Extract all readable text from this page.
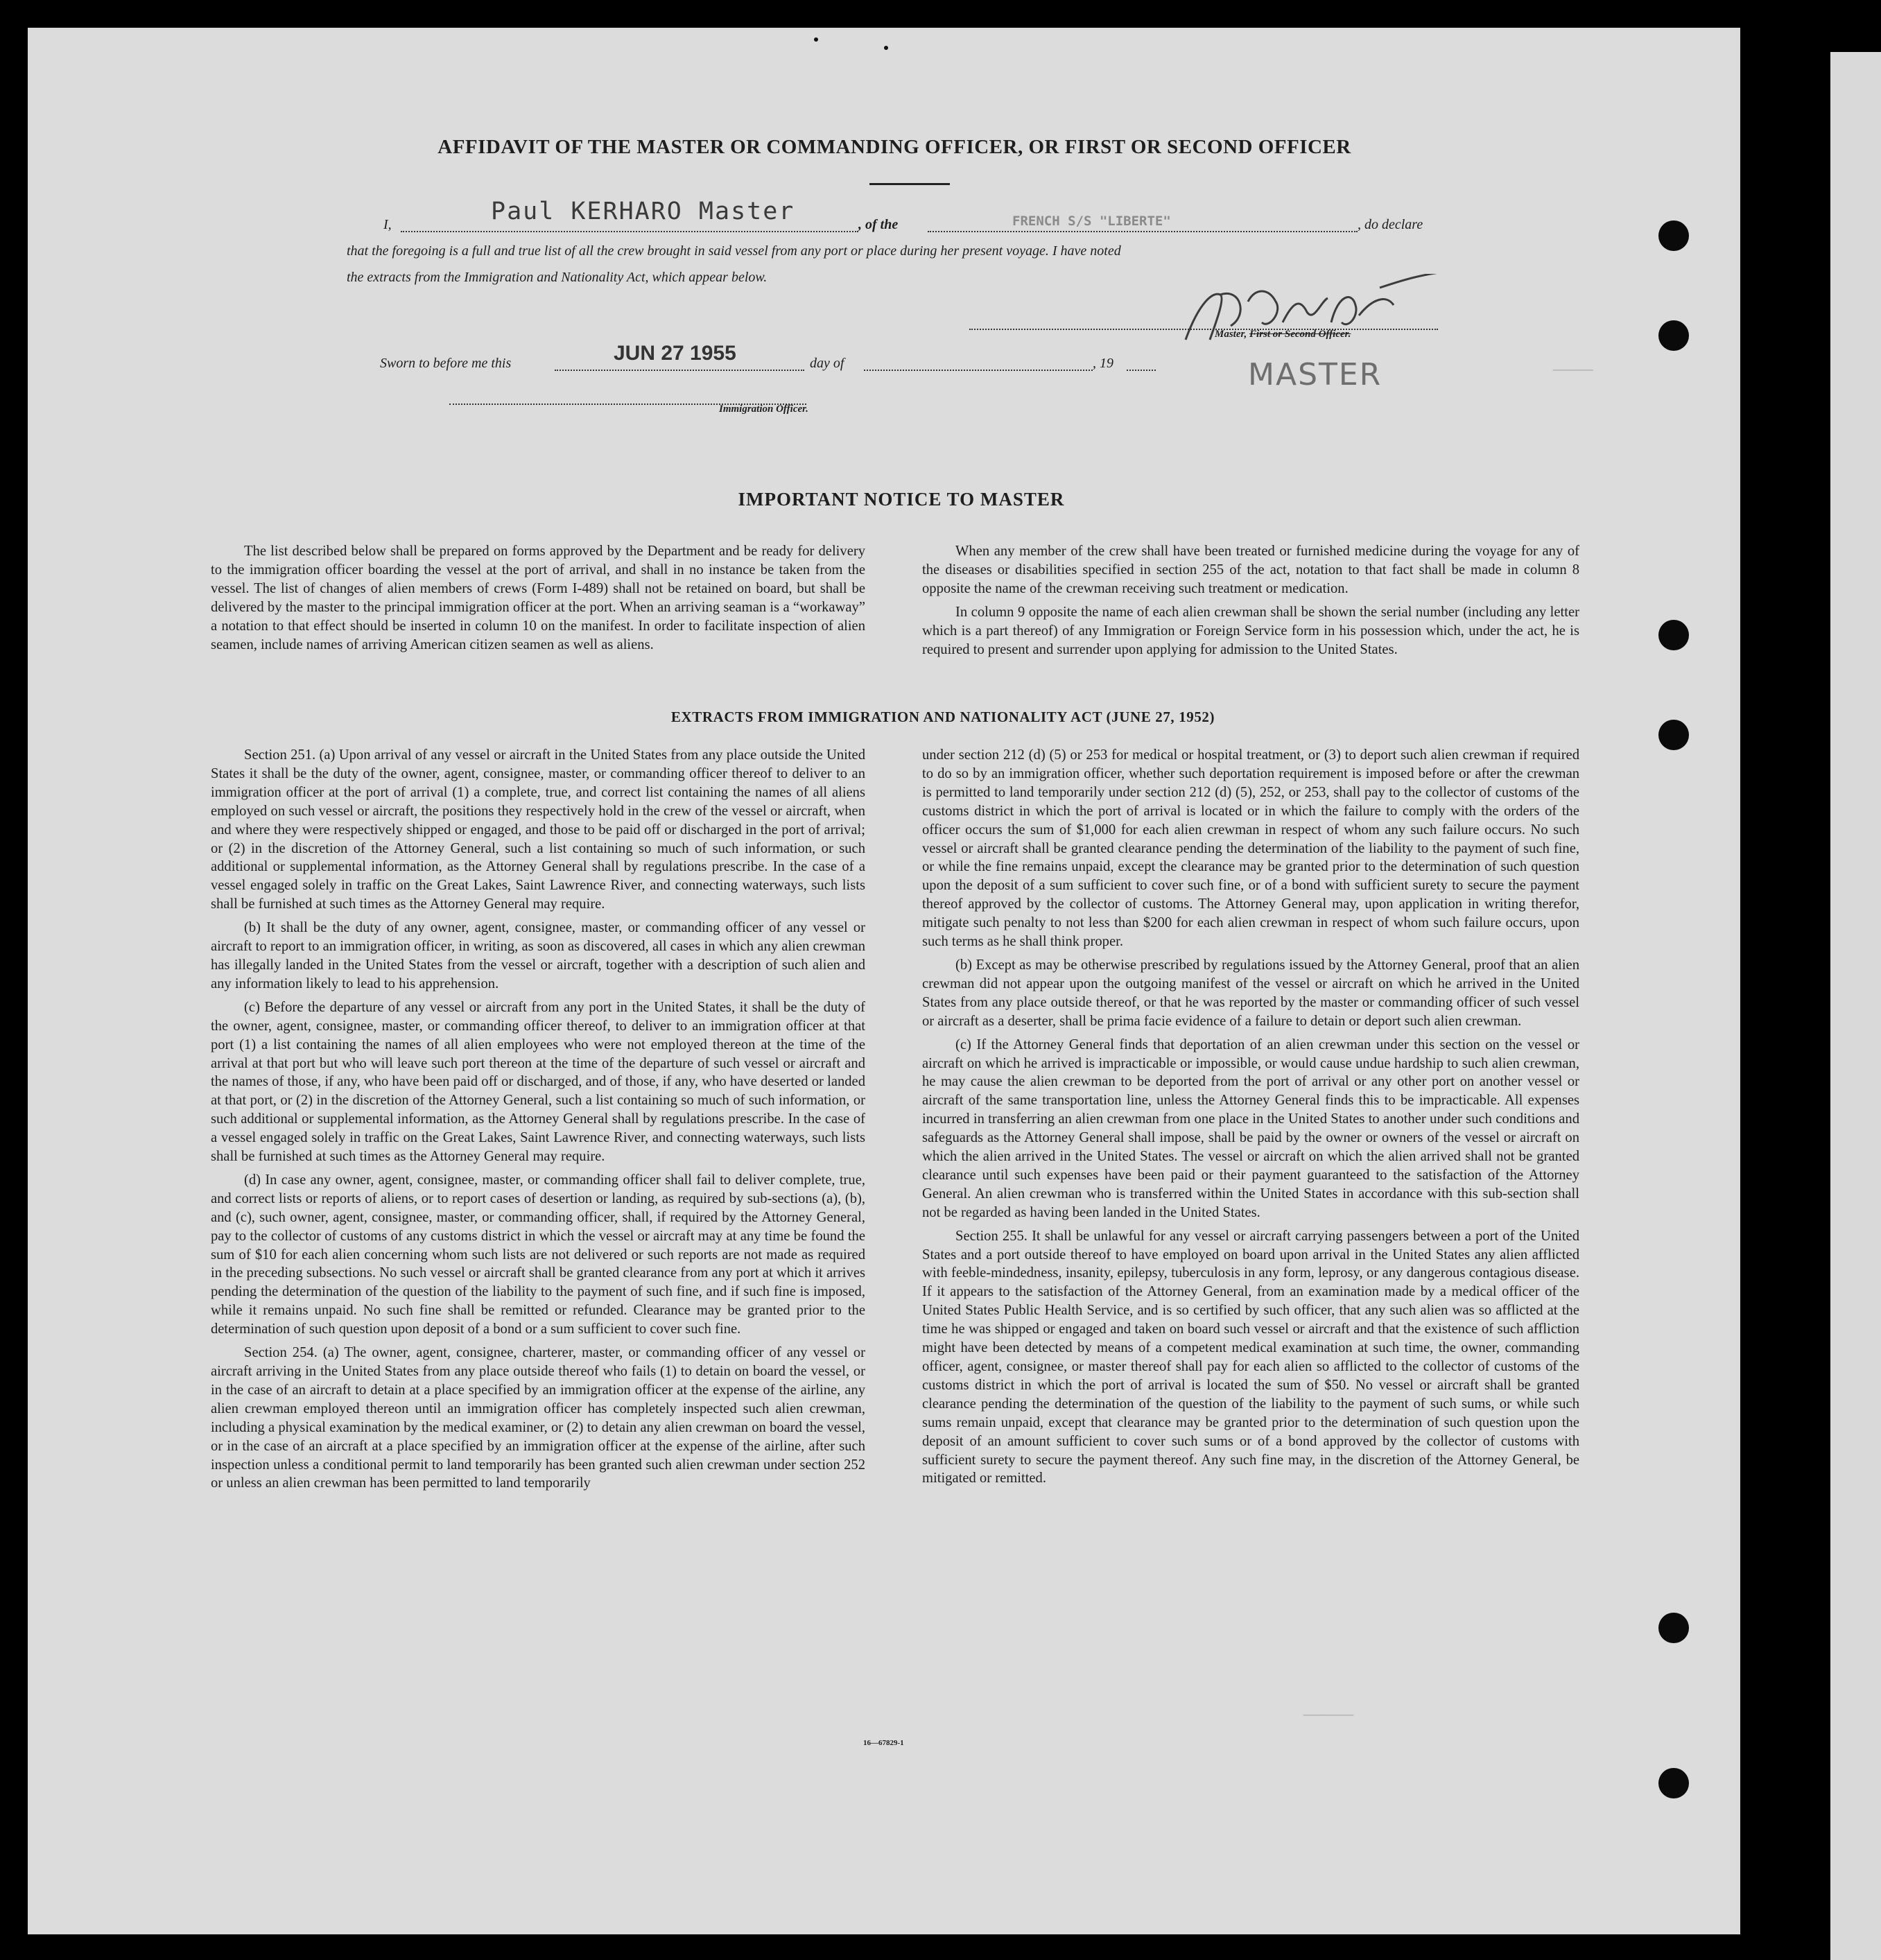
────
─────
AFFIDAVIT OF THE MASTER OR COMMANDING OFFICER, OR FIRST OR SECOND OFFICER
I,	Paul KERHARO Master	, of the	FRENCH S/S "LIBERTE"	, do declare
that the foregoing is a full and true list of all the crew brought in said vessel from any port or place during her present voyage. I have noted
the extracts from the Immigration and Nationality Act, which appear below.
Master, First or Second Officer.
MASTER
Sworn to before me this	JUN 27 1955	day of	, 19
Immigration Officer.
IMPORTANT NOTICE TO MASTER

The list described below shall be prepared on forms approved by the Department and be ready for delivery to the immigration officer boarding the vessel at the port of arrival, and shall in no instance be taken from the vessel. The list of changes of alien members of crews (Form I-489) shall not be retained on board, but shall be delivered by the master to the principal immigration officer at the port. When an arriving seaman is a “workaway” a notation to that effect should be inserted in column 10 on the manifest. In order to facilitate inspection of alien seamen, include names of arriving American citizen seamen as well as aliens.

When any member of the crew shall have been treated or furnished medicine during the voyage for any of the diseases or disabilities specified in section 255 of the act, notation to that fact shall be made in column 8 opposite the name of the crewman receiving such treatment or medication.

In column 9 opposite the name of each alien crewman shall be shown the serial number (including any letter which is a part thereof) of any Immigration or Foreign Service form in his possession which, under the act, he is required to present and surrender upon applying for admission to the United States.

EXTRACTS FROM IMMIGRATION AND NATIONALITY ACT (JUNE 27, 1952)

Section 251. (a) Upon arrival of any vessel or aircraft in the United States from any place outside the United States it shall be the duty of the owner, agent, consignee, master, or commanding officer thereof to deliver to an immigration officer at the port of arrival (1) a complete, true, and correct list containing the names of all aliens employed on such vessel or aircraft, the positions they respectively hold in the crew of the vessel or aircraft, when and where they were respectively shipped or engaged, and those to be paid off or discharged in the port of arrival; or (2) in the discretion of the Attorney General, such a list containing so much of such information, or such additional or supplemental information, as the Attorney General shall by regulations prescribe. In the case of a vessel engaged solely in traffic on the Great Lakes, Saint Lawrence River, and connecting waterways, such lists shall be furnished at such times as the Attorney General may require.

(b) It shall be the duty of any owner, agent, consignee, master, or commanding officer of any vessel or aircraft to report to an immigration officer, in writing, as soon as discovered, all cases in which any alien crewman has illegally landed in the United States from the vessel or aircraft, together with a description of such alien and any information likely to lead to his apprehension.

(c) Before the departure of any vessel or aircraft from any port in the United States, it shall be the duty of the owner, agent, consignee, master, or commanding officer thereof, to deliver to an immigration officer at that port (1) a list containing the names of all alien employees who were not employed thereon at the time of the arrival at that port but who will leave such port thereon at the time of the departure of such vessel or aircraft and the names of those, if any, who have been paid off or discharged, and of those, if any, who have deserted or landed at that port, or (2) in the discretion of the Attorney General, such a list containing so much of such information, or such additional or supplemental information, as the Attorney General shall by regulations prescribe. In the case of a vessel engaged solely in traffic on the Great Lakes, Saint Lawrence River, and connecting waterways, such lists shall be furnished at such times as the Attorney General may require.

(d) In case any owner, agent, consignee, master, or commanding officer shall fail to deliver complete, true, and correct lists or reports of aliens, or to report cases of desertion or landing, as required by sub-sections (a), (b), and (c), such owner, agent, consignee, master, or commanding officer, shall, if required by the Attorney General, pay to the collector of customs of any customs district in which the vessel or aircraft may at any time be found the sum of $10 for each alien concerning whom such lists are not delivered or such reports are not made as required in the preceding subsections. No such vessel or aircraft shall be granted clearance from any port at which it arrives pending the determination of the question of the liability to the payment of such fine, and if such fine is imposed, while it remains unpaid. No such fine shall be remitted or refunded. Clearance may be granted prior to the determination of such question upon deposit of a bond or a sum sufficient to cover such fine.

Section 254. (a) The owner, agent, consignee, charterer, master, or commanding officer of any vessel or aircraft arriving in the United States from any place outside thereof who fails (1) to detain on board the vessel, or in the case of an aircraft to detain at a place specified by an immigration officer at the expense of the airline, any alien crewman employed thereon until an immigration officer has completely inspected such alien crewman, including a physical examination by the medical examiner, or (2) to detain any alien crewman on board the vessel, or in the case of an aircraft at a place specified by an immigration officer at the expense of the airline, after such inspection unless a conditional permit to land temporarily has been granted such alien crewman under section 252 or unless an alien crewman has been permitted to land temporarily

under section 212 (d) (5) or 253 for medical or hospital treatment, or (3) to deport such alien crewman if required to do so by an immigration officer, whether such deportation requirement is imposed before or after the crewman is permitted to land temporarily under section 212 (d) (5), 252, or 253, shall pay to the collector of customs of the customs district in which the port of arrival is located or in which the failure to comply with the orders of the officer occurs the sum of $1,000 for each alien crewman in respect of whom any such failure occurs. No such vessel or aircraft shall be granted clearance pending the determination of the liability to the payment of such fine, or while the fine remains unpaid, except the clearance may be granted prior to the determination of such question upon the deposit of a sum sufficient to cover such fine, or of a bond with sufficient surety to secure the payment thereof approved by the collector of customs. The Attorney General may, upon application in writing therefor, mitigate such penalty to not less than $200 for each alien crewman in respect of whom such failure occurs, upon such terms as he shall think proper.

(b) Except as may be otherwise prescribed by regulations issued by the Attorney General, proof that an alien crewman did not appear upon the outgoing manifest of the vessel or aircraft on which he arrived in the United States from any place outside thereof, or that he was reported by the master or commanding officer of such vessel or aircraft as a deserter, shall be prima facie evidence of a failure to detain or deport such alien crewman.

(c) If the Attorney General finds that deportation of an alien crewman under this section on the vessel or aircraft on which he arrived is impracticable or impossible, or would cause undue hardship to such alien crewman, he may cause the alien crewman to be deported from the port of arrival or any other port on another vessel or aircraft of the same transportation line, unless the Attorney General finds this to be impracticable. All expenses incurred in transferring an alien crewman from one place in the United States to another under such conditions and safeguards as the Attorney General shall impose, shall be paid by the owner or owners of the vessel or aircraft on which the alien arrived in the United States. The vessel or aircraft on which the alien arrived shall not be granted clearance until such expenses have been paid or their payment guaranteed to the satisfaction of the Attorney General. An alien crewman who is transferred within the United States in accordance with this sub-section shall not be regarded as having been landed in the United States.

Section 255. It shall be unlawful for any vessel or aircraft carrying passengers between a port of the United States and a port outside thereof to have employed on board upon arrival in the United States any alien afflicted with feeble-mindedness, insanity, epilepsy, tuberculosis in any form, leprosy, or any dangerous contagious disease. If it appears to the satisfaction of the Attorney General, from an examination made by a medical officer of the United States Public Health Service, and is so certified by such officer, that any such alien was so afflicted at the time he was shipped or engaged and taken on board such vessel or aircraft and that the existence of such affliction might have been detected by means of a competent medical examination at such time, the owner, commanding officer, agent, consignee, or master thereof shall pay for each alien so afflicted to the collector of customs of the customs district in which the port of arrival is located the sum of $50. No vessel or aircraft shall be granted clearance pending the determination of the question of the liability to the payment of such sums, or while such sums remain unpaid, except that clearance may be granted prior to the determination of such question upon the deposit of an amount sufficient to cover such sums or of a bond approved by the collector of customs with sufficient surety to secure the payment thereof. Any such fine may, in the discretion of the Attorney General, be mitigated or remitted.

16—67829-1
